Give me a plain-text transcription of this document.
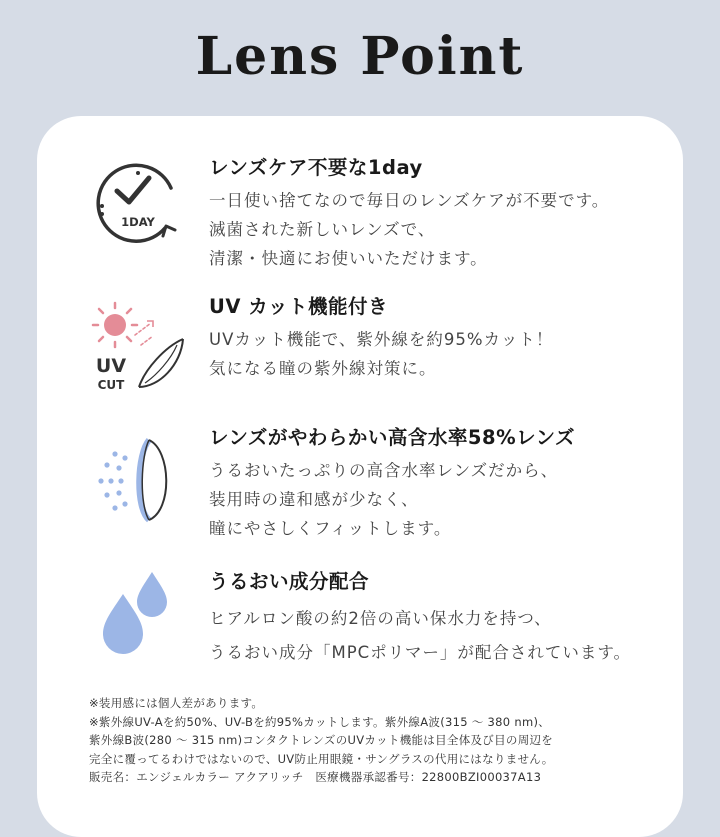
Lens Point
1DAY
レンズケア不要な1day
一日使い捨てなので毎日のレンズケアが不要です。
滅菌された新しいレンズで、
清潔・快適にお使いいただけます。
UV
CUT
UV カット機能付き
UVカット機能で、紫外線を約95%カット！
気になる瞳の紫外線対策に。
レンズがやわらかい高含水率58%レンズ
うるおいたっぷりの高含水率レンズだから、
装用時の違和感が少なく、
瞳にやさしくフィットします。
うるおい成分配合
ヒアルロン酸の約2倍の高い保水力を持つ、
うるおい成分「MPCポリマー」が配合されています。
※装用感には個人差があります。
※紫外線UV-Aを約50%、UV-Bを約95%カットします。紫外線A波(315 〜 380 nm)、
紫外線B波(280 〜 315 nm)コンタクトレンズのUVカット機能は目全体及び目の周辺を
完全に覆ってるわけではないので、UV防止用眼鏡・サングラスの代用にはなりません。
販売名：エンジェルカラー アクアリッチ　医療機器承認番号：22800BZI00037A13
